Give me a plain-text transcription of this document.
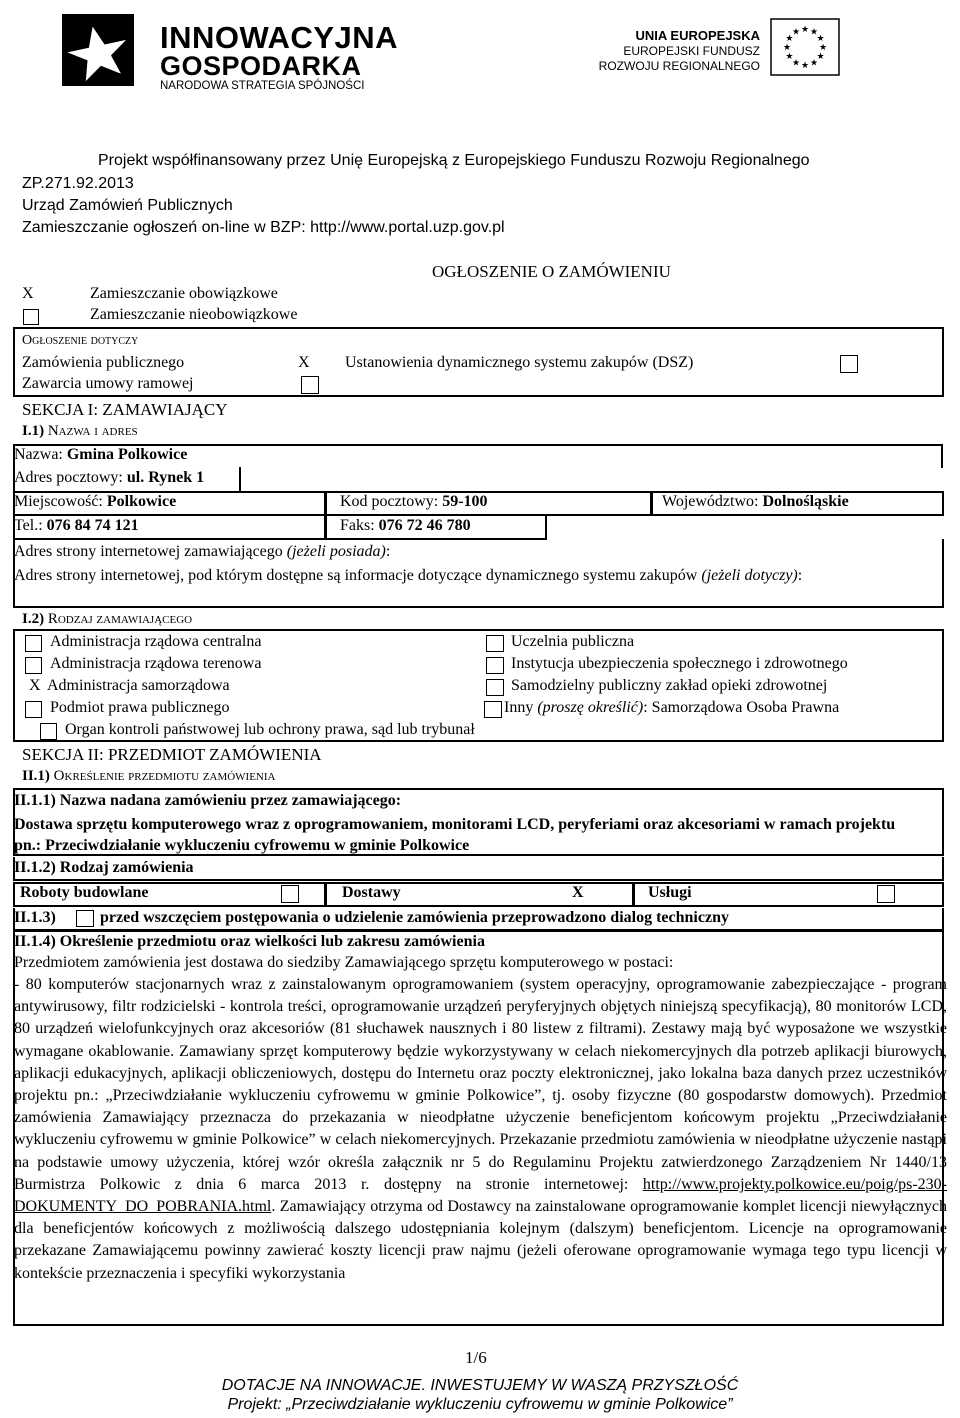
INNOWACYJNA
GOSPODARKA
NARODOWA STRATEGIA SPÓJNOŚCI
UNIA EUROPEJSKA
EUROPEJSKI FUNDUSZ
ROZWOJU REGIONALNEGO
★ ★
★
★
★
★
★
★
★
★
★
★
Projekt współfinansowany przez Unię Europejską z Europejskiego Funduszu Rozwoju Regionalnego
ZP.271.92.2013
Urząd Zamówień Publicznych
Zamieszczanie ogłoszeń on-line w BZP: http://www.portal.uzp.gov.pl
OGŁOSZENIE O ZAMÓWIENIU
X	Zamieszczanie obowiązkowe
Zamieszczanie nieobowiązkowe
Ogłoszenie dotyczy
Zamówienia publicznego	X Ustanowienia dynamicznego systemu zakupów (DSZ)
Zawarcia umowy ramowej
SEKCJA I: ZAMAWIAJĄCY
I.1) Nazwa i adres
Nazwa: Gmina Polkowice
Adres pocztowy: ul. Rynek 1
Miejscowość: Polkowice	Kod pocztowy: 59-100	Województwo: Dolnośląskie
Tel.: 076 84 74 121	Faks: 076 72 46 780
Adres strony internetowej zamawiającego (jeżeli posiada):
Adres strony internetowej, pod którym dostępne są informacje dotyczące dynamicznego systemu zakupów (jeżeli dotyczy):
I.2) Rodzaj zamawiającego
Administracja rządowa centralna
Administracja rządowa terenowa
X Administracja samorządowa
Podmiot prawa publicznego
Organ kontroli państwowej lub ochrony prawa, sąd lub trybunał
Uczelnia publiczna
Instytucja ubezpieczenia społecznego i zdrowotnego
Samodzielny publiczny zakład opieki zdrowotnej
Inny (proszę określić): Samorządowa Osoba Prawna
SEKCJA II: PRZEDMIOT ZAMÓWIENIA
II.1) Określenie przedmiotu zamówienia
II.1.1) Nazwa nadana zamówieniu przez zamawiającego:
Dostawa sprzętu komputerowego wraz z oprogramowaniem, monitorami LCD, peryferiami oraz akcesoriami w ramach projektu pn.: Przeciwdziałanie wykluczeniu cyfrowemu w gminie Polkowice
II.1.2) Rodzaj zamówienia
Roboty budowlane	Dostawy	X	Usługi
II.1.3)	przed wszczęciem postępowania o udzielenie zamówienia przeprowadzono dialog techniczny
II.1.4) Określenie przedmiotu oraz wielkości lub zakresu zamówienia
Przedmiotem zamówienia jest dostawa do siedziby Zamawiającego sprzętu komputerowego w postaci:
- 80 komputerów stacjonarnych wraz z zainstalowanym oprogramowaniem (system operacyjny, oprogramowanie zabezpieczające - program antywirusowy, filtr rodzicielski - kontrola treści, oprogramowanie urządzeń peryferyjnych objętych niniejszą specyfikacją), 80 monitorów LCD, 80 urządzeń wielofunkcyjnych oraz akcesoriów (81 słuchawek nausznych i 80 listew z filtrami). Zestawy mają być wyposażone we wszystkie wymagane okablowanie. Zamawiany sprzęt komputerowy będzie wykorzystywany w celach niekomercyjnych dla potrzeb aplikacji biurowych, aplikacji edukacyjnych, aplikacji obliczeniowych, dostępu do Internetu oraz poczty elektronicznej, jako lokalna baza danych przez uczestników projektu pn.: „Przeciwdziałanie wykluczeniu cyfrowemu w gminie Polkowice”, tj. osoby fizyczne (80 gospodarstw domowych). Przedmiot zamówienia Zamawiający przeznacza do przekazania w nieodpłatne użyczenie beneficjentom końcowym projektu „Przeciwdziałanie wykluczeniu cyfrowemu w gminie Polkowice” w celach niekomercyjnych. Przekazanie przedmiotu zamówienia w nieodpłatne użyczenie nastąpi na podstawie umowy użyczenia, której wzór określa załącznik nr 5 do Regulaminu Projektu zatwierdzonego Zarządzeniem Nr 1440/13 Burmistrza Polkowic z dnia 6 marca 2013 r. dostępny na stronie internetowej: http://www.projekty.polkowice.eu/poig/ps-230-DOKUMENTY_DO_POBRANIA.html. Zamawiający otrzyma od Dostawcy na zainstalowane oprogramowanie komplet licencji niewyłącznych dla beneficjentów końcowych z możliwością dalszego udostępniania kolejnym (dalszym) beneficjentom. Licencje na oprogramowanie przekazane Zamawiającemu powinny zawierać koszty licencji praw najmu (jeżeli oferowane oprogramowanie wymaga tego typu licencji w kontekście przeznaczenia i specyfiki wykorzystania
1/6
DOTACJE NA INNOWACJE. INWESTUJEMY W WASZĄ PRZYSZŁOŚĆ
Projekt: „Przeciwdziałanie wykluczeniu cyfrowemu w gminie Polkowice”
